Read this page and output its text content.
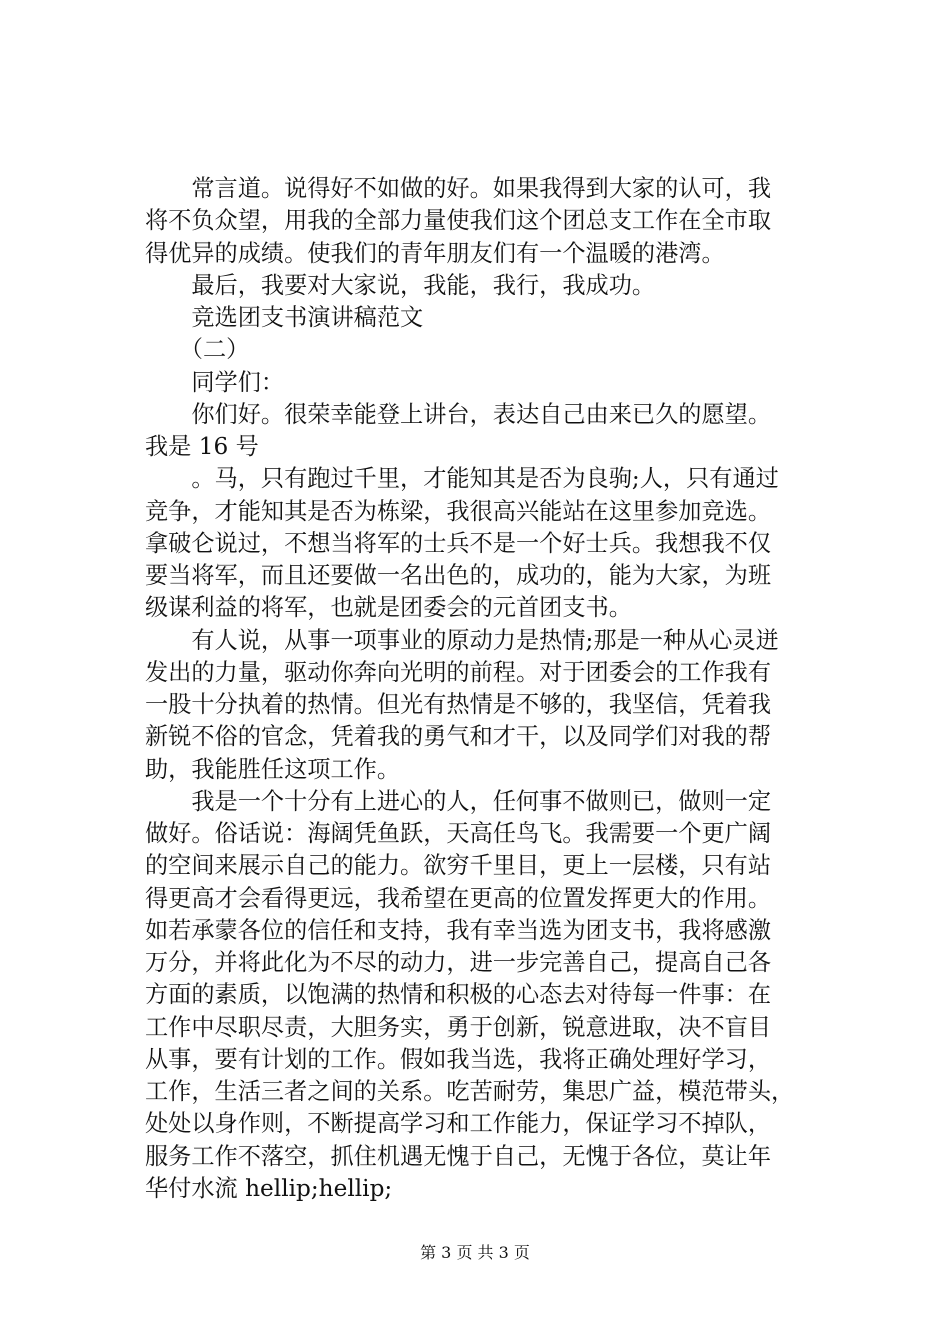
　　常言道。说得好不如做的好。如果我得到大家的认可，我
将不负众望，用我的全部力量使我们这个团总支工作在全市取
得优异的成绩。使我们的青年朋友们有一个温暖的港湾。
　　最后，我要对大家说，我能，我行，我成功。
　　竞选团支书演讲稿范文
　　（二）
　　同学们：
　　你们好。很荣幸能登上讲台，表达自己由来已久的愿望。
我是 16 号
　　。马，只有跑过千里，才能知其是否为良驹;人，只有通过
竞争，才能知其是否为栋梁，我很高兴能站在这里参加竞选。
拿破仑说过，不想当将军的士兵不是一个好士兵。我想我不仅
要当将军，而且还要做一名出色的，成功的，能为大家，为班
级谋利益的将军，也就是团委会的元首团支书。
　　有人说，从事一项事业的原动力是热情;那是一种从心灵迸
发出的力量，驱动你奔向光明的前程。对于团委会的工作我有
一股十分执着的热情。但光有热情是不够的，我坚信，凭着我
新锐不俗的官念，凭着我的勇气和才干，以及同学们对我的帮
助，我能胜任这项工作。
　　我是一个十分有上进心的人，任何事不做则已，做则一定
做好。俗话说：海阔凭鱼跃，天高任鸟飞。我需要一个更广阔
的空间来展示自己的能力。欲穷千里目，更上一层楼，只有站
得更高才会看得更远，我希望在更高的位置发挥更大的作用。
如若承蒙各位的信任和支持，我有幸当选为团支书，我将感激
万分，并将此化为不尽的动力，进一步完善自己，提高自己各
方面的素质，以饱满的热情和积极的心态去对待每一件事：在
工作中尽职尽责，大胆务实，勇于创新，锐意进取，决不盲目
从事，要有计划的工作。假如我当选，我将正确处理好学习，
工作，生活三者之间的关系。吃苦耐劳，集思广益，模范带头，
处处以身作则，不断提高学习和工作能力，保证学习不掉队，
服务工作不落空，抓住机遇无愧于自己，无愧于各位，莫让年
华付水流 hellip;hellip;
第 3 页 共 3 页
